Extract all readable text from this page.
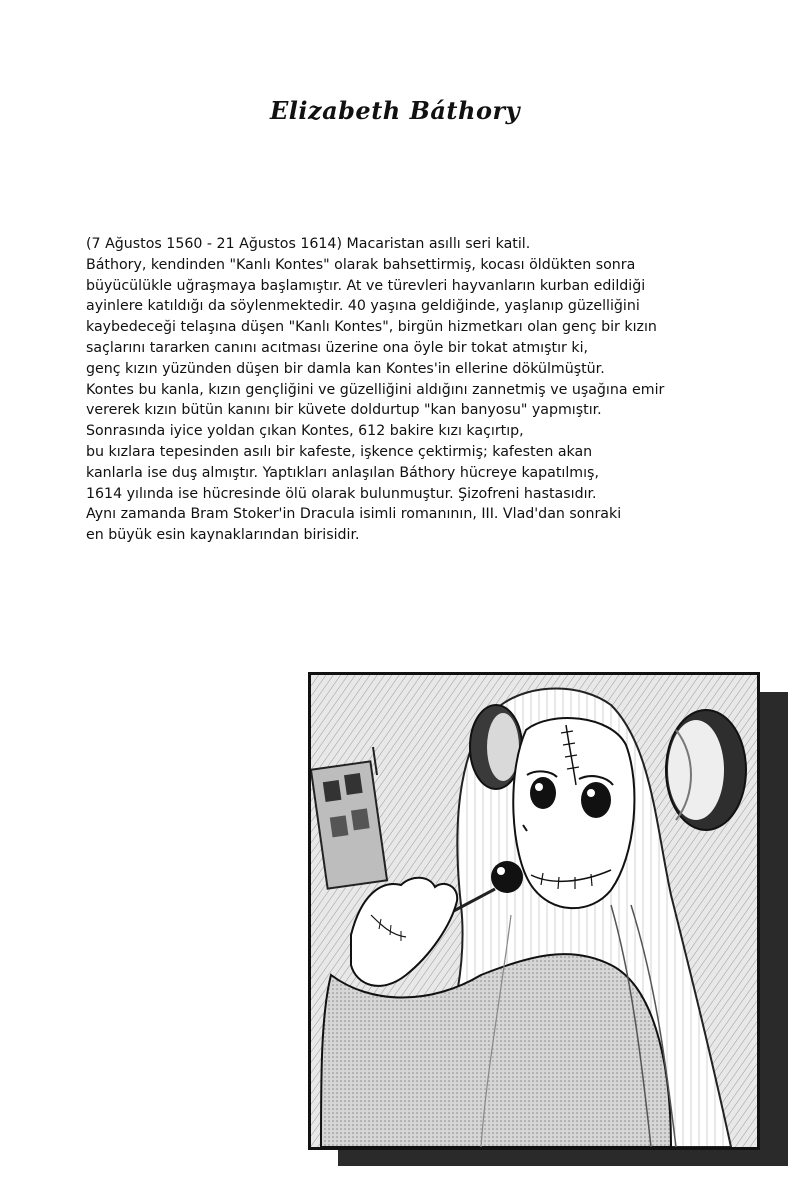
Elizabeth Báthory
(7 Ağustos 1560 - 21 Ağustos 1614) Macaristan asıllı seri katil.
Báthory, kendinden "Kanlı Kontes" olarak bahsettirmiş, kocası öldükten sonra
büyücülükle uğraşmaya başlamıştır. At ve türevleri hayvanların kurban edildiği
ayinlere katıldığı da söylenmektedir. 40 yaşına geldiğinde, yaşlanıp güzelliğini
kaybedeceği telaşına düşen "Kanlı Kontes", birgün hizmetkarı olan genç bir kızın
saçlarını tararken canını acıtması üzerine ona öyle bir tokat atmıştır ki,
genç kızın yüzünden düşen bir damla kan Kontes'in ellerine dökülmüştür.
Kontes bu kanla, kızın gençliğini ve güzelliğini aldığını zannetmiş ve uşağına emir
vererek kızın bütün kanını bir küvete doldurtup "kan banyosu" yapmıştır.
Sonrasında iyice yoldan çıkan Kontes, 612 bakire kızı kaçırtıp,
bu kızlara tepesinden asılı bir kafeste, işkence çektirmiş; kafesten akan
kanlarla ise duş almıştır. Yaptıkları anlaşılan Báthory hücreye kapatılmış,
1614 yılında ise hücresinde ölü olarak bulunmuştur. Şizofreni hastasıdır.
Aynı zamanda Bram Stoker'in Dracula isimli romanının, III. Vlad'dan sonraki
en büyük esin kaynaklarından birisidir.
